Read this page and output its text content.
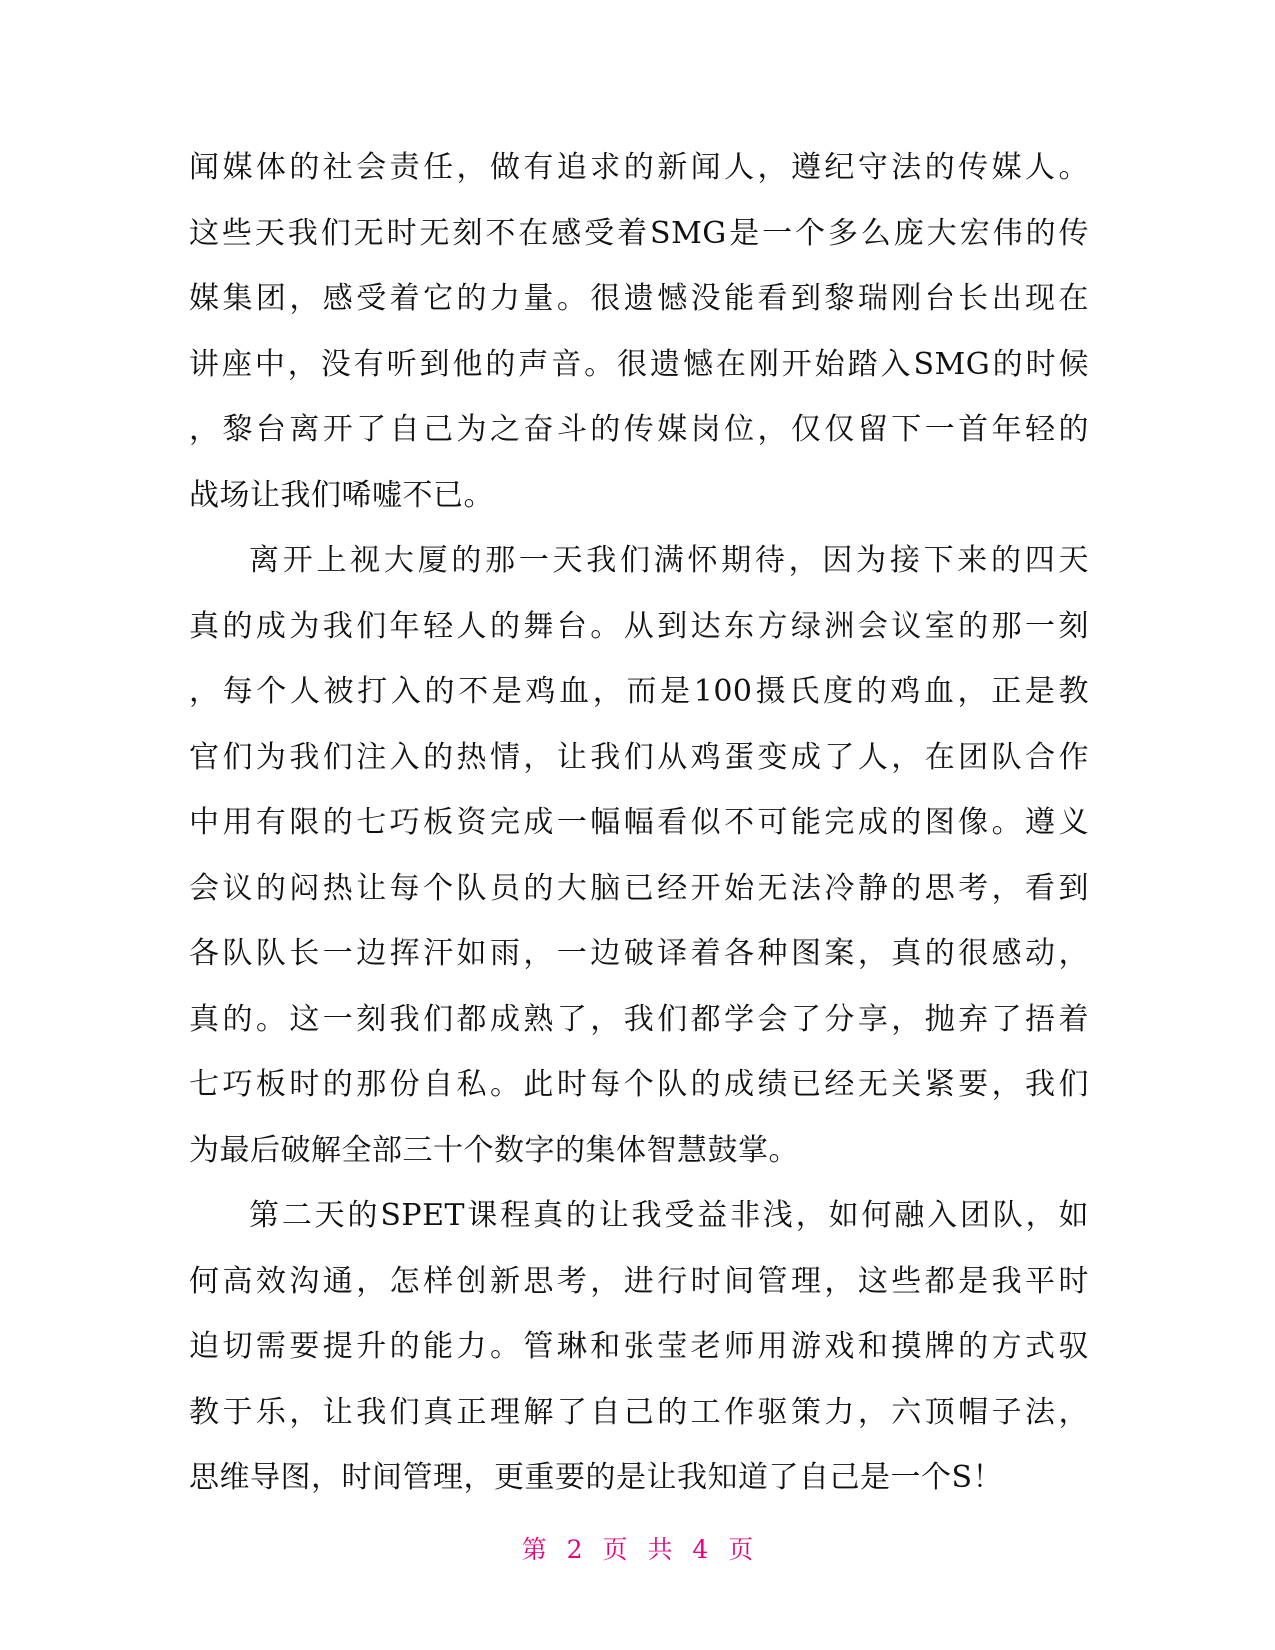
闻媒体的社会责任，做有追求的新闻人，遵纪守法的传媒人。
这些天我们无时无刻不在感受着SMG是一个多么庞大宏伟的传
媒集团，感受着它的力量。很遗憾没能看到黎瑞刚台长出现在
讲座中，没有听到他的声音。很遗憾在刚开始踏入SMG的时候
，黎台离开了自己为之奋斗的传媒岗位，仅仅留下一首年轻的
战场让我们唏嘘不已。
离开上视大厦的那一天我们满怀期待，因为接下来的四天
真的成为我们年轻人的舞台。从到达东方绿洲会议室的那一刻
，每个人被打入的不是鸡血，而是100摄氏度的鸡血，正是教
官们为我们注入的热情，让我们从鸡蛋变成了人，在团队合作
中用有限的七巧板资完成一幅幅看似不可能完成的图像。遵义
会议的闷热让每个队员的大脑已经开始无法冷静的思考，看到
各队队长一边挥汗如雨，一边破译着各种图案，真的很感动，
真的。这一刻我们都成熟了，我们都学会了分享，抛弃了捂着
七巧板时的那份自私。此时每个队的成绩已经无关紧要，我们
为最后破解全部三十个数字的集体智慧鼓掌。
第二天的SPET课程真的让我受益非浅，如何融入团队，如
何高效沟通，怎样创新思考，进行时间管理，这些都是我平时
迫切需要提升的能力。管琳和张莹老师用游戏和摸牌的方式驭
教于乐，让我们真正理解了自己的工作驱策力，六顶帽子法，
思维导图，时间管理，更重要的是让我知道了自己是一个S！
第 2 页 共 4 页
